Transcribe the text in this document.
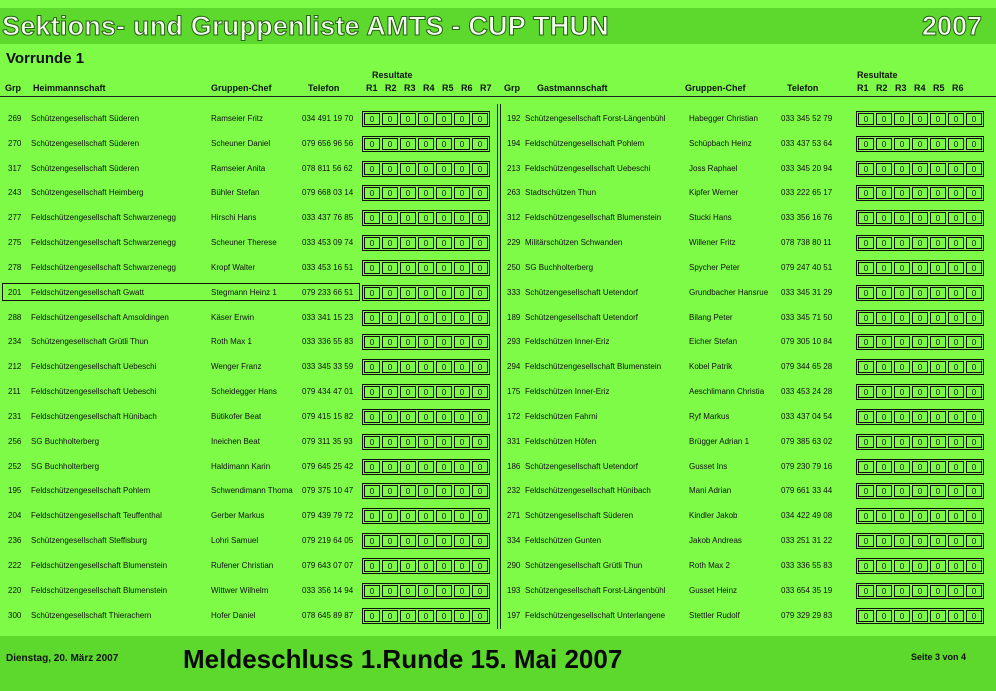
Sektions- und Gruppenliste AMTS - CUP THUN	2007
Vorrunde 1
Grp Heimmannschaft	Gruppen-Chef	Telefon
Resultate
R1 R2 R3 R4 R5 R6 R7 Grp Gastmannschaft	Gruppen-Chef	Telefon
Resultate
R1 R2 R3 R4 R5 R6
269 Schützengesellschaft Süderen	Ramseier Fritz	034 491 19 70	192 Schützengesellschaft Forst-Längenbühl	Habegger Christian	033 345 52 79
0	0	0	0	0	0	0	0	0	0	0	0	0	0
270 Schützengesellschaft Süderen	Scheuner Daniel	079 656 96 56	194 Feldschützengesellschaft Pohlem	Schüpbach Heinz	033 437 53 64
0	0	0	0	0	0	0	0	0	0	0	0	0	0
317 Schützengesellschaft Süderen	Ramseier Anita	078 811 56 62	213 Feldschützengesellschaft Uebeschi	Joss Raphael	033 345 20 94
0	0	0	0	0	0	0	0	0	0	0	0	0	0
243 Schützengesellschaft Heimberg	Bühler Stefan	079 668 03 14	263 Stadtschützen Thun	Kipfer Werner	033 222 65 17
0	0	0	0	0	0	0	0	0	0	0	0	0	0
277 Feldschützengesellschaft Schwarzenegg	Hirschi Hans	033 437 76 85	312 Feldschützengesellschaft Blumenstein	Stucki Hans	033 356 16 76
0	0	0	0	0	0	0	0	0	0	0	0	0	0
275 Feldschützengesellschaft Schwarzenegg	Scheuner Therese	033 453 09 74	229 Militärschützen Schwanden	Willener Fritz	078 738 80 11
0	0	0	0	0	0	0	0	0	0	0	0	0	0
278 Feldschützengesellschaft Schwarzenegg	Kropf Walter	033 453 16 51	250 SG Buchholterberg	Spycher Peter	079 247 40 51
0	0	0	0	0	0	0	0	0	0	0	0	0	0
201 Feldschützengesellschaft Gwatt	Stegmann Heinz 1	079 233 66 51	333 Schützengesellschaft Uetendorf	Grundbacher Hansrue 033 345 31 29
0	0	0	0	0	0	0	0	0	0	0	0	0	0
288 Feldschützengesellschaft Amsoldingen	Käser Erwin	033 341 15 23	189 Schützengesellschaft Uetendorf	Bilang Peter	033 345 71 50
0	0	0	0	0	0	0	0	0	0	0	0	0	0
234 Schützengesellschaft Grütli Thun	Roth Max 1	033 336 55 83	293 Feldschützen Inner-Eriz	Eicher Stefan	079 305 10 84
0	0	0	0	0	0	0	0	0	0	0	0	0	0
212 Feldschützengesellschaft Uebeschi	Wenger Franz	033 345 33 59	294 Feldschützengesellschaft Blumenstein	Kobel Patrik	079 344 65 28
0	0	0	0	0	0	0	0	0	0	0	0	0	0
211 Feldschützengesellschaft Uebeschi	Scheidegger Hans	079 434 47 01	175 Feldschützen Inner-Eriz	Aeschlimann Christia 033 453 24 28
0	0	0	0	0	0	0	0	0	0	0	0	0	0
231 Feldschützengesellschaft Hünibach	Bütikofer Beat	079 415 15 82	172 Feldschützen Fahrni	Ryf Markus	033 437 04 54
0	0	0	0	0	0	0	0	0	0	0	0	0	0
256 SG Buchholterberg	Ineichen Beat	079 311 35 93	331 Feldschützen Höfen	Brügger Adrian 1	079 385 63 02
0	0	0	0	0	0	0	0	0	0	0	0	0	0
252 SG Buchholterberg	Haldimann Karin	079 645 25 42	186 Schützengesellschaft Uetendorf	Gusset Ins	079 230 79 16
0	0	0	0	0	0	0	0	0	0	0	0	0	0
195 Feldschützengesellschaft Pohlem	Schwendimann Thoma 079 375 10 47	232 Feldschützengesellschaft Hünibach	Mani Adrian	079 661 33 44
0	0	0	0	0	0	0	0	0	0	0	0	0	0
204 Feldschützengesellschaft Teuffenthal	Gerber Markus	079 439 79 72	271 Schützengesellschaft Süderen	Kindler Jakob	034 422 49 08
0	0	0	0	0	0	0	0	0	0	0	0	0	0
236 Schützengesellschaft Steffisburg	Lohri Samuel	079 219 64 05	334 Feldschützen Gunten	Jakob Andreas	033 251 31 22
0	0	0	0	0	0	0	0	0	0	0	0	0	0
222 Feldschützengesellschaft Blumenstein	Rufener Christian	079 643 07 07	290 Schützengesellschaft Grütli Thun	Roth Max 2	033 336 55 83
0	0	0	0	0	0	0	0	0	0	0	0	0	0
220 Feldschützengesellschaft Blumenstein	Wittwer Wilhelm	033 356 14 94	193 Schützengesellschaft Forst-Längenbühl	Gusset Heinz	033 654 35 19
0	0	0	0	0	0	0	0	0	0	0	0	0	0
300 Schützengesellschaft Thierachern	Hofer Daniel	078 645 89 87	197 Feldschützengesellschaft Unterlangene	Stettler Rudolf	079 329 29 83
0	0	0	0	0	0	0	0	0	0	0	0	0	0
Dienstag, 20. März 2007 Meldeschluss 1.Runde 15. Mai 2007	Seite 3 von 4
